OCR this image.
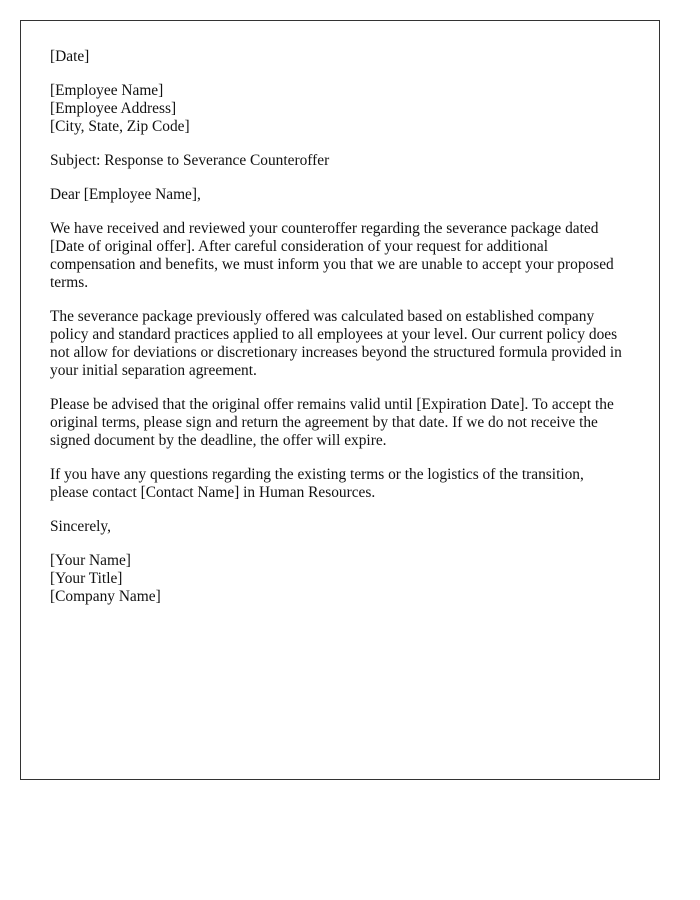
[Date]
[Employee Name]
[Employee Address]
[City, State, Zip Code]
Subject: Response to Severance Counteroffer
Dear [Employee Name],

We have received and reviewed your counteroffer regarding the severance package dated [Date of original offer]. After careful consideration of your request for additional compensation and benefits, we must inform you that we are unable to accept your proposed terms.

The severance package previously offered was calculated based on established company policy and standard practices applied to all employees at your level. Our current policy does not allow for deviations or discretionary increases beyond the structured formula provided in your initial separation agreement.

Please be advised that the original offer remains valid until [Expiration Date]. To accept the original terms, please sign and return the agreement by that date. If we do not receive the signed document by the deadline, the offer will expire.

If you have any questions regarding the existing terms or the logistics of the transition, please contact [Contact Name] in Human Resources.

Sincerely,
[Your Name]
[Your Title]
[Company Name]
